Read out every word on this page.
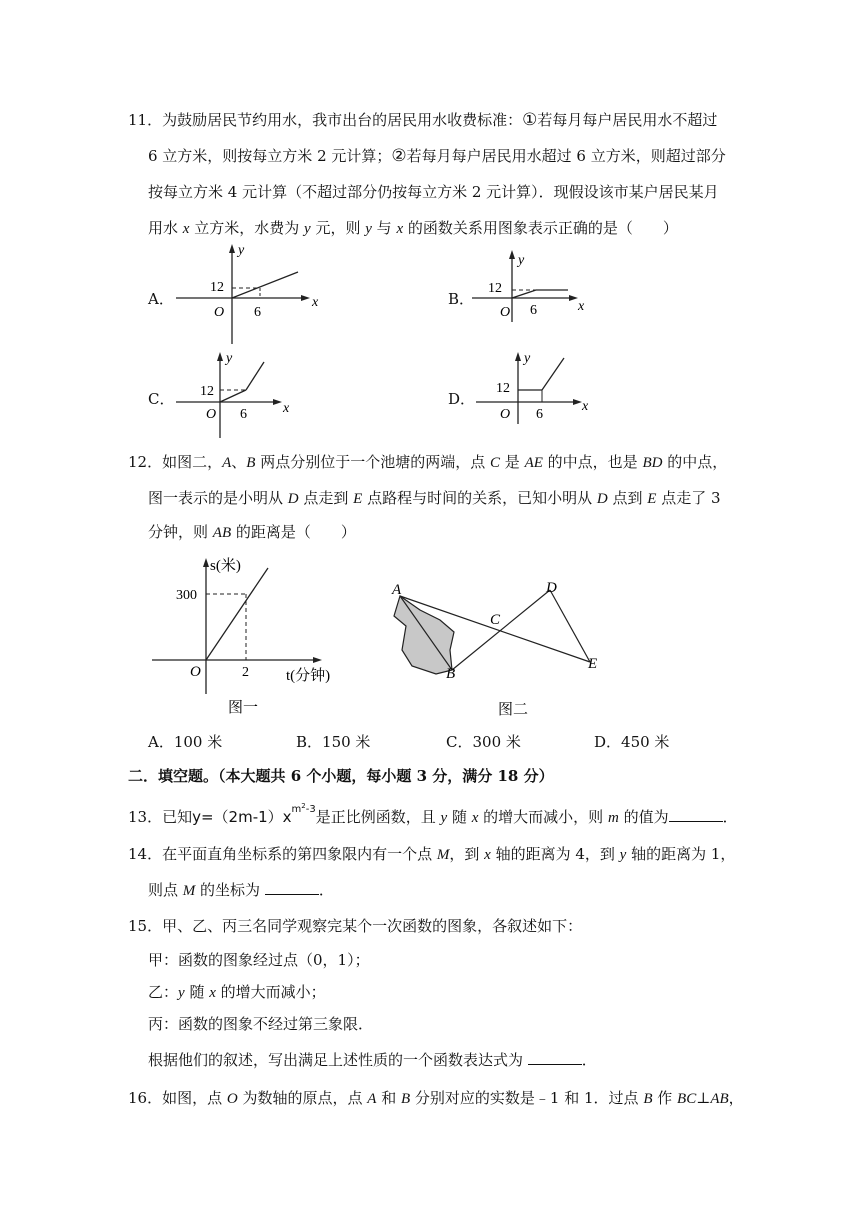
11．为鼓励居民节约用水，我市出台的居民用水收费标准：①若每月每户居民用水不超过
6 立方米，则按每立方米 2 元计算；②若每月每户居民用水超过 6 立方米，则超过部分
按每立方米 4 元计算（不超过部分仍按每立方米 2 元计算）．现假设该市某户居民某月
用水 x 立方米，水费为 y 元，则 y 与 x 的函数关系用图象表示正确的是（　　）
A．
y
x
O
12
6
B．
y
x
O
12
6
C．
y
x
O
12
6
D．	x
O
12
6
y
12．如图二，A、B 两点分别位于一个池塘的两端，点 C 是 AE 的中点，也是 BD 的中点，
图一表示的是小明从 D 点走到 E 点路程与时间的关系，已知小明从 D 点到 E 点走了 3
分钟，则 AB 的距离是（　　）
s(米)
t(分钟)
300
2
O
图一
A
B
C
D
E
图二
A．100 米	B．150 米	C．300 米	D．450 米
二．填空题。（本大题共 6 个小题，每小题 3 分，满分 18 分）
13．已知$y=(2m-1)x^{m^2-3}$是正比例函数，且 y 随 x 的增大而减小，则 m 的值为	．
14．在平面直角坐标系的第四象限内有一个点 M，到 x 轴的距离为 4，到 y 轴的距离为 1，
则点 M 的坐标为	．
15．甲、乙、丙三名同学观察完某个一次函数的图象，各叙述如下：
甲：函数的图象经过点（0，1）；
乙：y 随 x 的增大而减小；
丙：函数的图象不经过第三象限．
根据他们的叙述，写出满足上述性质的一个函数表达式为	．
16．如图，点 O 为数轴的原点，点 A 和 B 分别对应的实数是﹣1 和 1．过点 B 作 BC⊥AB，
